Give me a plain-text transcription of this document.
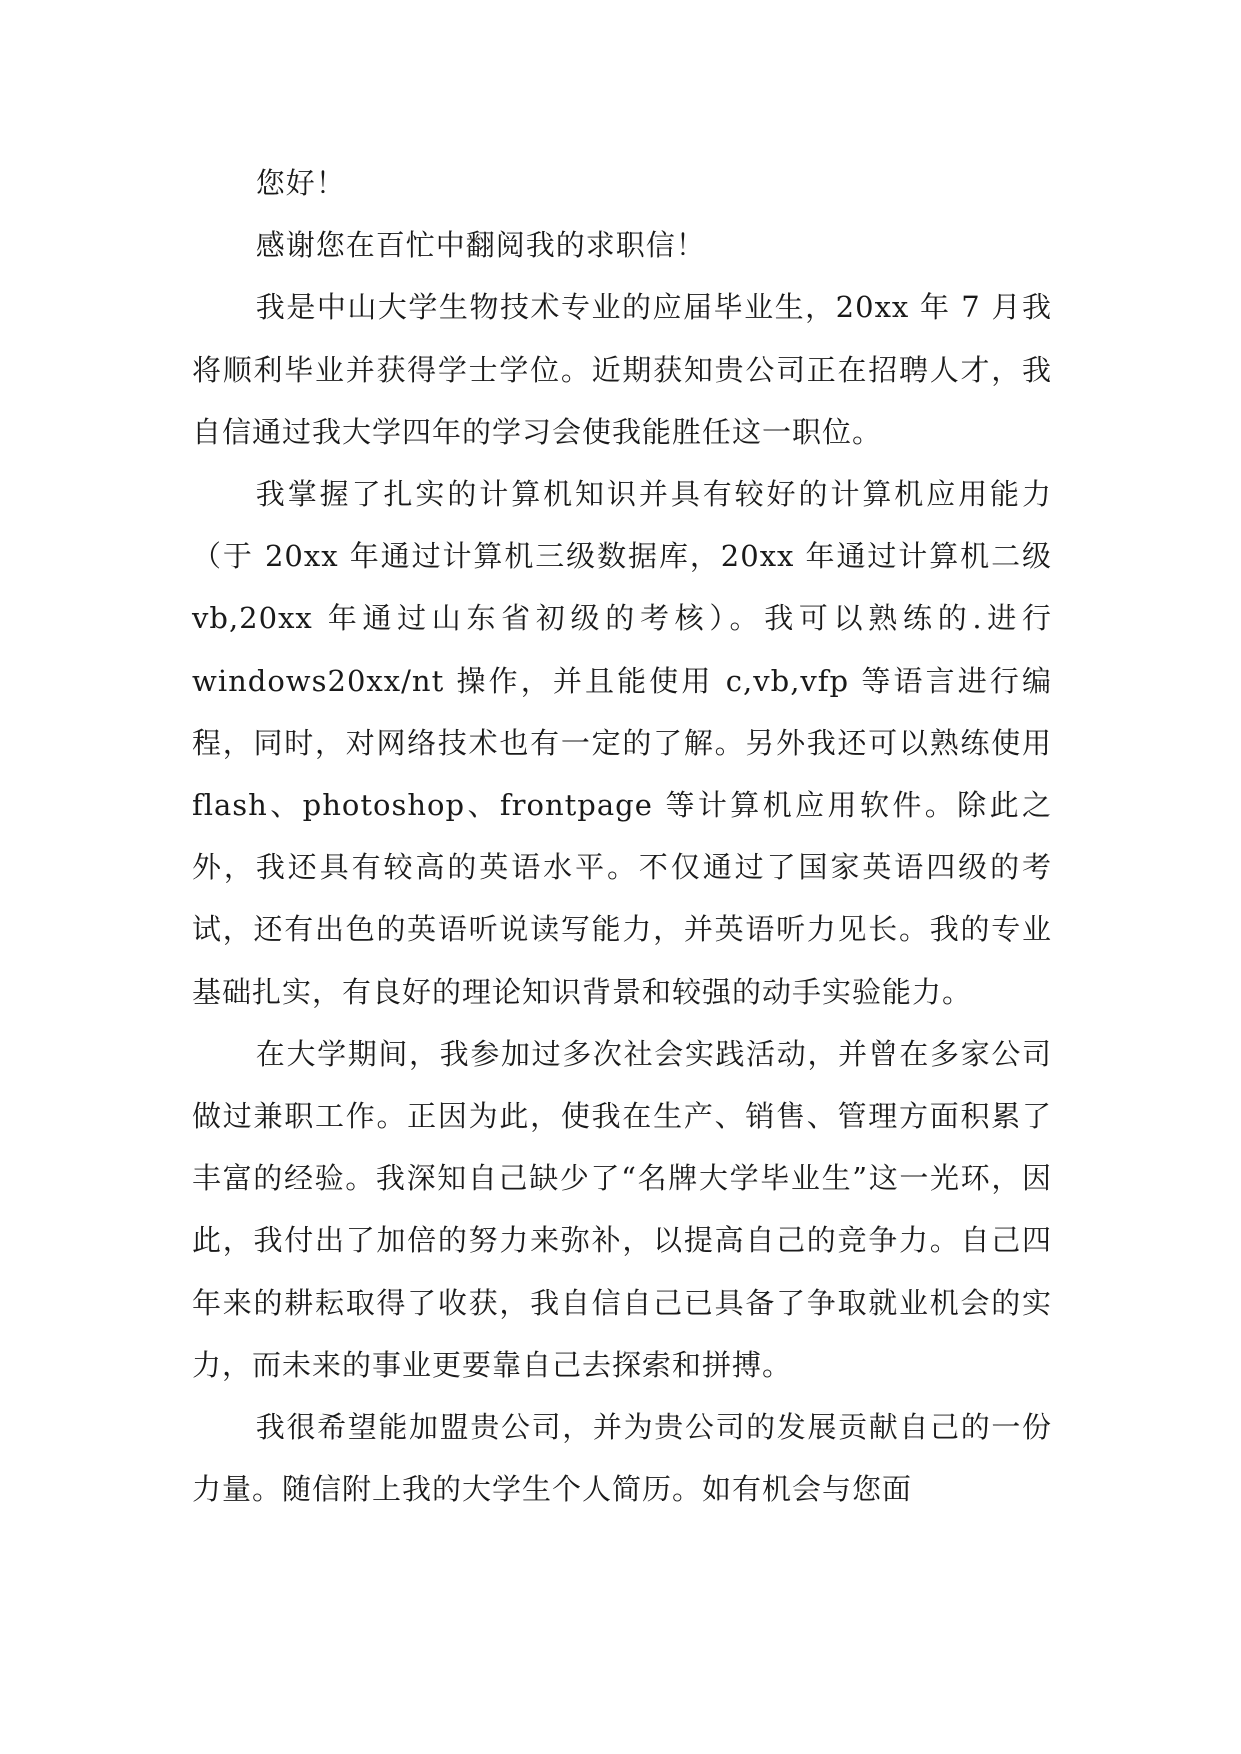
您好！

感谢您在百忙中翻阅我的求职信！

我是中山大学生物技术专业的应届毕业生，20xx 年 7 月我将顺利毕业并获得学士学位。近期获知贵公司正在招聘人才，我自信通过我大学四年的学习会使我能胜任这一职位。

我掌握了扎实的计算机知识并具有较好的计算机应用能力（于 20xx 年通过计算机三级数据库，20xx 年通过计算机二级 vb,20xx 年通过山东省初级的考核）。我可以熟练的.进行 windows20xx/nt 操作，并且能使用 c,vb,vfp 等语言进行编程，同时，对网络技术也有一定的了解。另外我还可以熟练使用 flash、photoshop、frontpage 等计算机应用软件。除此之外，我还具有较高的英语水平。不仅通过了国家英语四级的考试，还有出色的英语听说读写能力，并英语听力见长。我的专业基础扎实，有良好的理论知识背景和较强的动手实验能力。

在大学期间，我参加过多次社会实践活动，并曾在多家公司做过兼职工作。正因为此，使我在生产、销售、管理方面积累了丰富的经验。我深知自己缺少了“名牌大学毕业生”这一光环，因此，我付出了加倍的努力来弥补，以提高自己的竞争力。自己四年来的耕耘取得了收获，我自信自己已具备了争取就业机会的实力，而未来的事业更要靠自己去探索和拼搏。

我很希望能加盟贵公司，并为贵公司的发展贡献自己的一份力量。随信附上我的大学生个人简历。如有机会与您面
